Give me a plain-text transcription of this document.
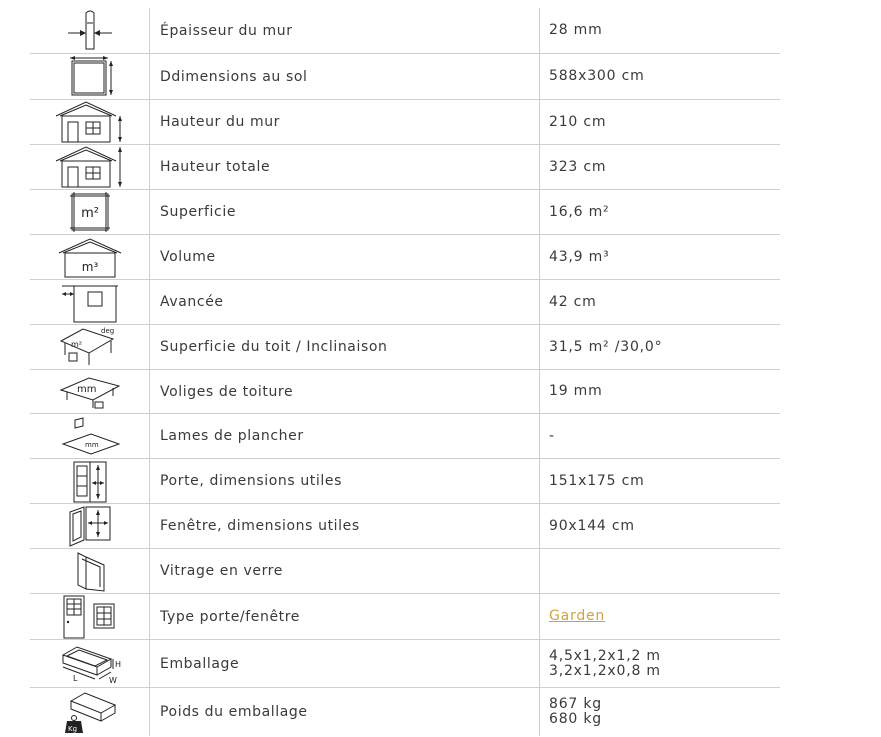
Épaisseur du mur	28 mm
Ddimensions au sol	588x300 cm
Hauteur du mur	210 cm
Hauteur totale	323 cm
m²	Superficie	16,6 m²
m³
Volume	43,9 m³
Avancée	42 cm
m²
deg
Superficie du toit / Inclinaison	31,5 m² /30,0°
mm	Voliges de toiture	19 mm
mm
Lames de plancher	-
Porte, dimensions utiles	151x175 cm
Fenêtre, dimensions utiles	90x144 cm
Vitrage en verre
Type porte/fenêtre	Garden
H
L	W
Emballage	4,5x1,2x1,2 m
3,2x1,2x0,8 m
Kg
Poids du emballage	867 kg
680 kg
